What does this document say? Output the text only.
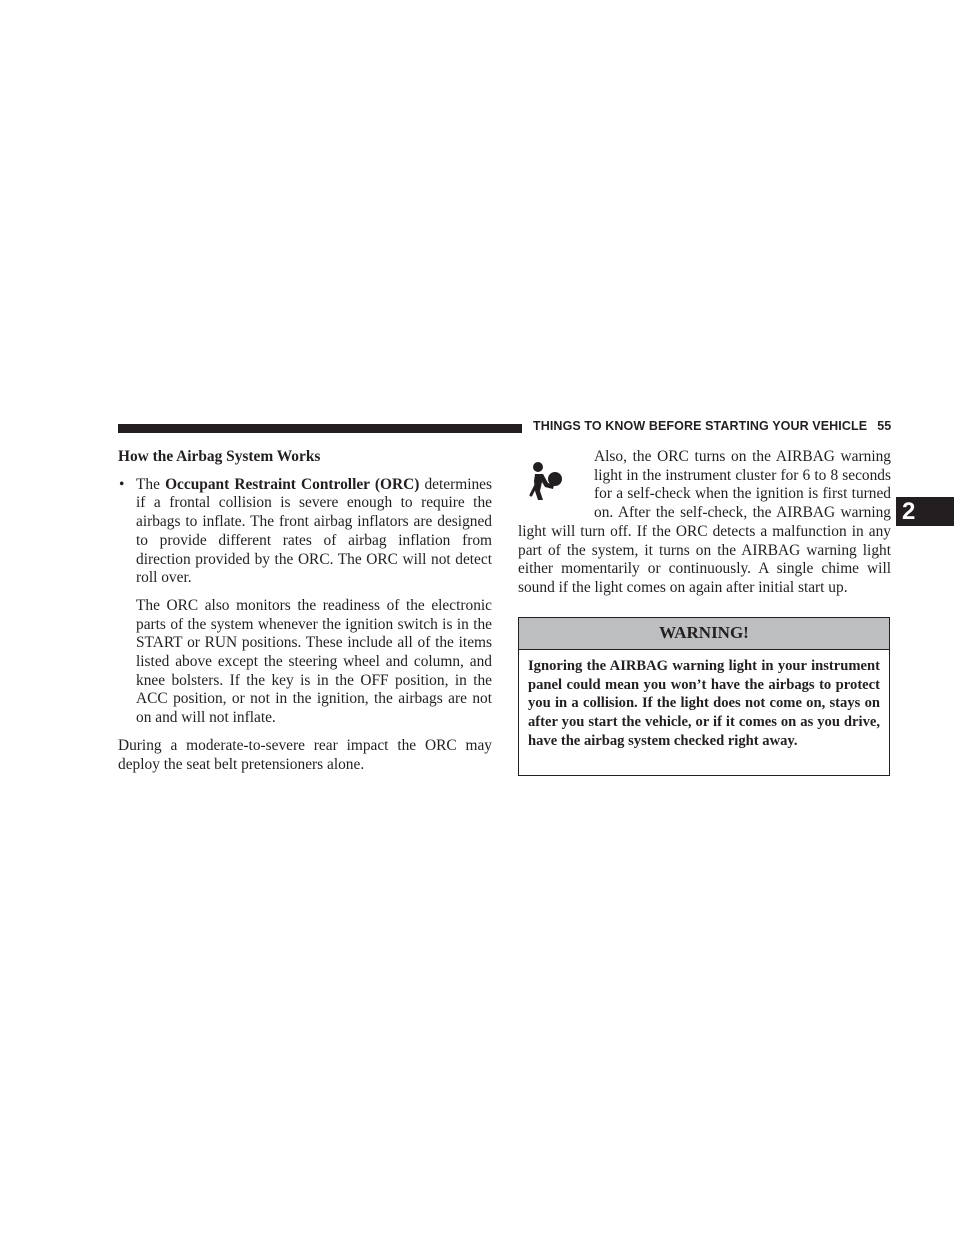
THINGS TO KNOW BEFORE STARTING YOUR VEHICLE 55
2

How the Airbag System Works

• The Occupant Restraint Controller (ORC) determines if a frontal collision is severe enough to require the airbags to inflate. The front airbag inflators are designed to provide different rates of airbag inflation from direction provided by the ORC. The ORC will not detect roll over.

The ORC also monitors the readiness of the electronic parts of the system whenever the ignition switch is in the START or RUN positions. These include all of the items listed above except the steering wheel and column, and knee bolsters. If the key is in the OFF position, in the ACC position, or not in the ignition, the airbags are not on and will not inflate.

During a moderate-to-severe rear impact the ORC may deploy the seat belt pretensioners alone.

Also, the ORC turns on the AIRBAG warning light in the instrument cluster for 6 to 8 seconds for a self-check when the ignition is first turned on. After the self-check, the AIRBAG warning light will turn off. If the ORC detects a malfunction in any part of the system, it turns on the AIRBAG warning light either momentarily or continuously. A single chime will sound if the light comes on again after initial start up.

WARNING!
Ignoring the AIRBAG warning light in your instrument panel could mean you won’t have the airbags to protect you in a collision. If the light does not come on, stays on after you start the vehicle, or if it comes on as you drive, have the airbag system checked right away.
